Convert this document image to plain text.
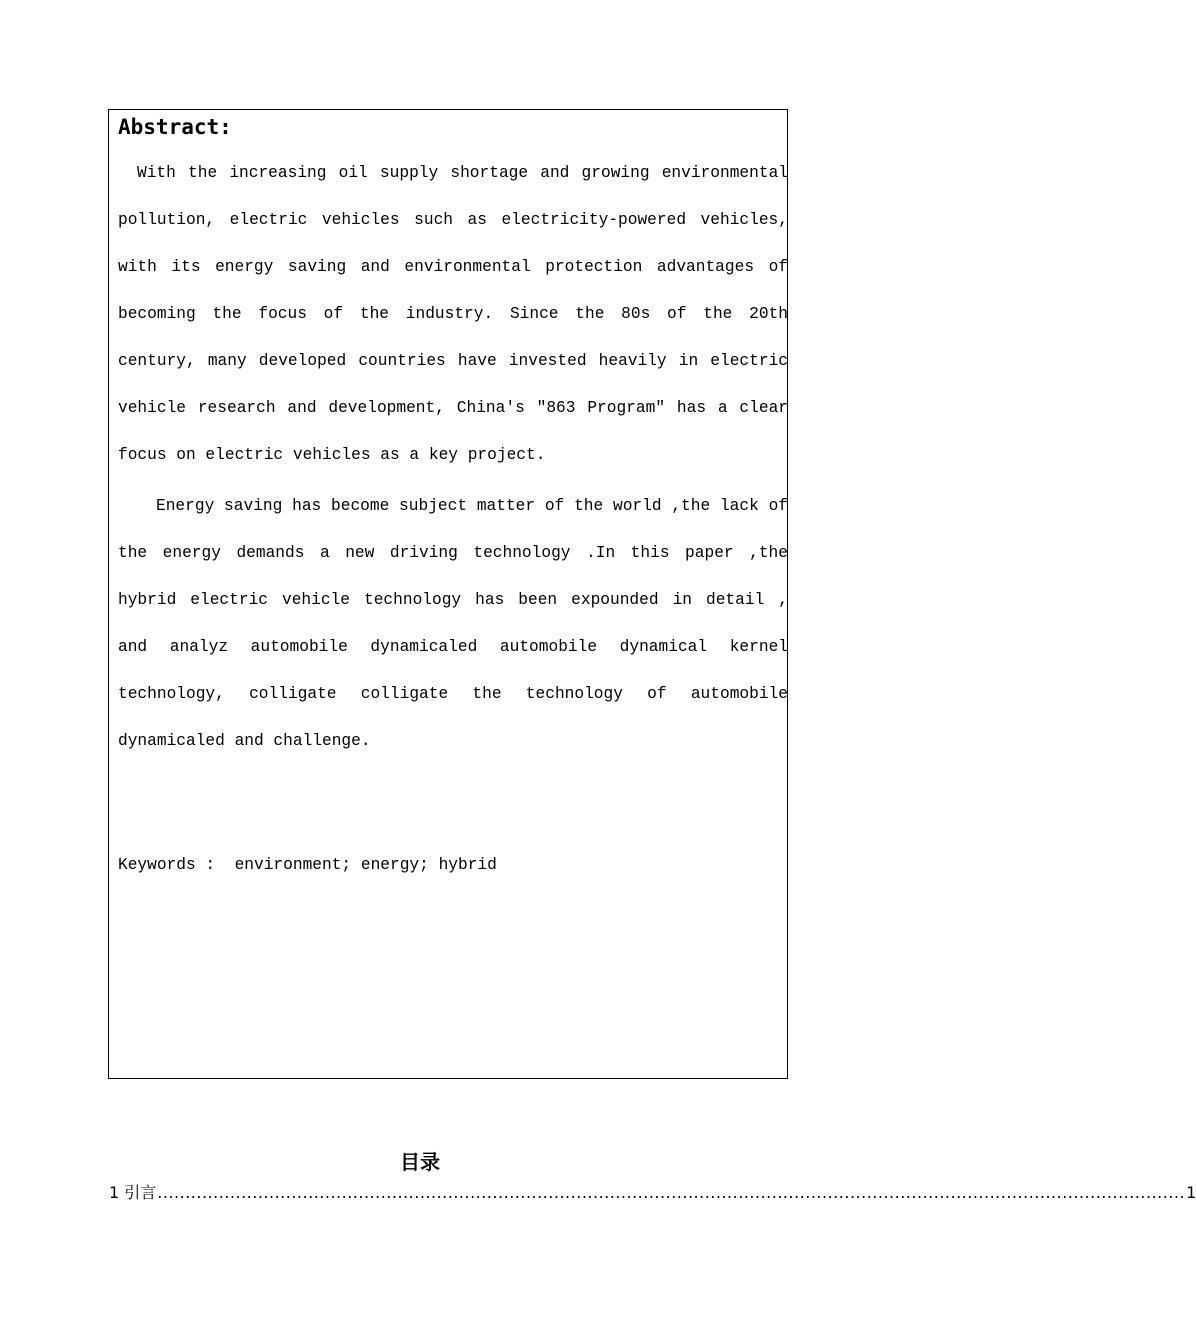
Abstract:

With the increasing oil supply shortage and growing environmental pollution, electric vehicles such as electricity-powered vehicles, with its energy saving and environmental protection advantages of becoming the focus of the industry. Since the 80s of the 20th century, many developed countries have invested heavily in electric vehicle research and development, China's "863 Program" has a clear focus on electric vehicles as a key project.

Energy saving has become subject matter of the world ,the lack of the energy demands a new driving technology .In this paper ,the hybrid electric vehicle technology has been expounded in detail , and analyz automobile dynamicaled automobile dynamical kernel technology, colligate colligate the technology of automobile dynamicaled and challenge.

Keywords :  environment; energy; hybrid

目录
1 引言 ........................................................................................................................................................................................ 1
